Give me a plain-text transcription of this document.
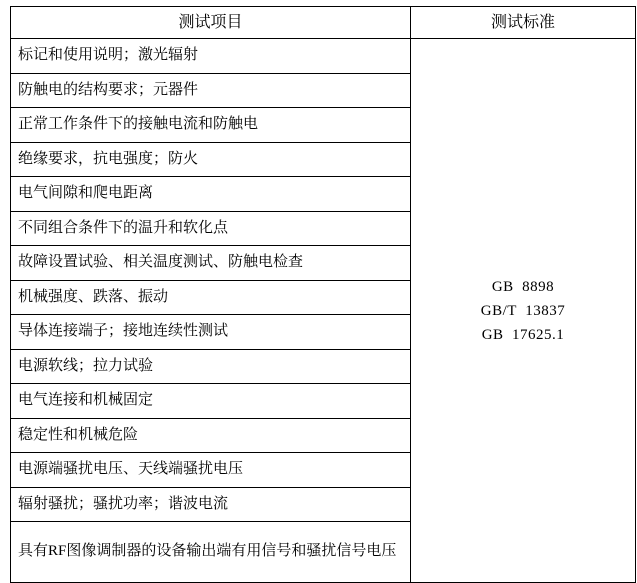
测试项目	测试标准
标记和使用说明；激光辐射	GB  8898
GB/T  13837
GB  17625.1

防触电的结构要求；元器件	
正常工作条件下的接触电流和防触电	
绝缘要求，抗电强度；防火	
电气间隙和爬电距离	
不同组合条件下的温升和软化点	
故障设置试验、相关温度测试、防触电检查	
机械强度、跌落、振动	
导体连接端子；接地连续性测试	
电源软线；拉力试验	
电气连接和机械固定	
稳定性和机械危险	
电源端骚扰电压、天线端骚扰电压	
辐射骚扰；骚扰功率；谐波电流	
具有RF图像调制器的设备输出端有用信号和骚扰信号电压	
